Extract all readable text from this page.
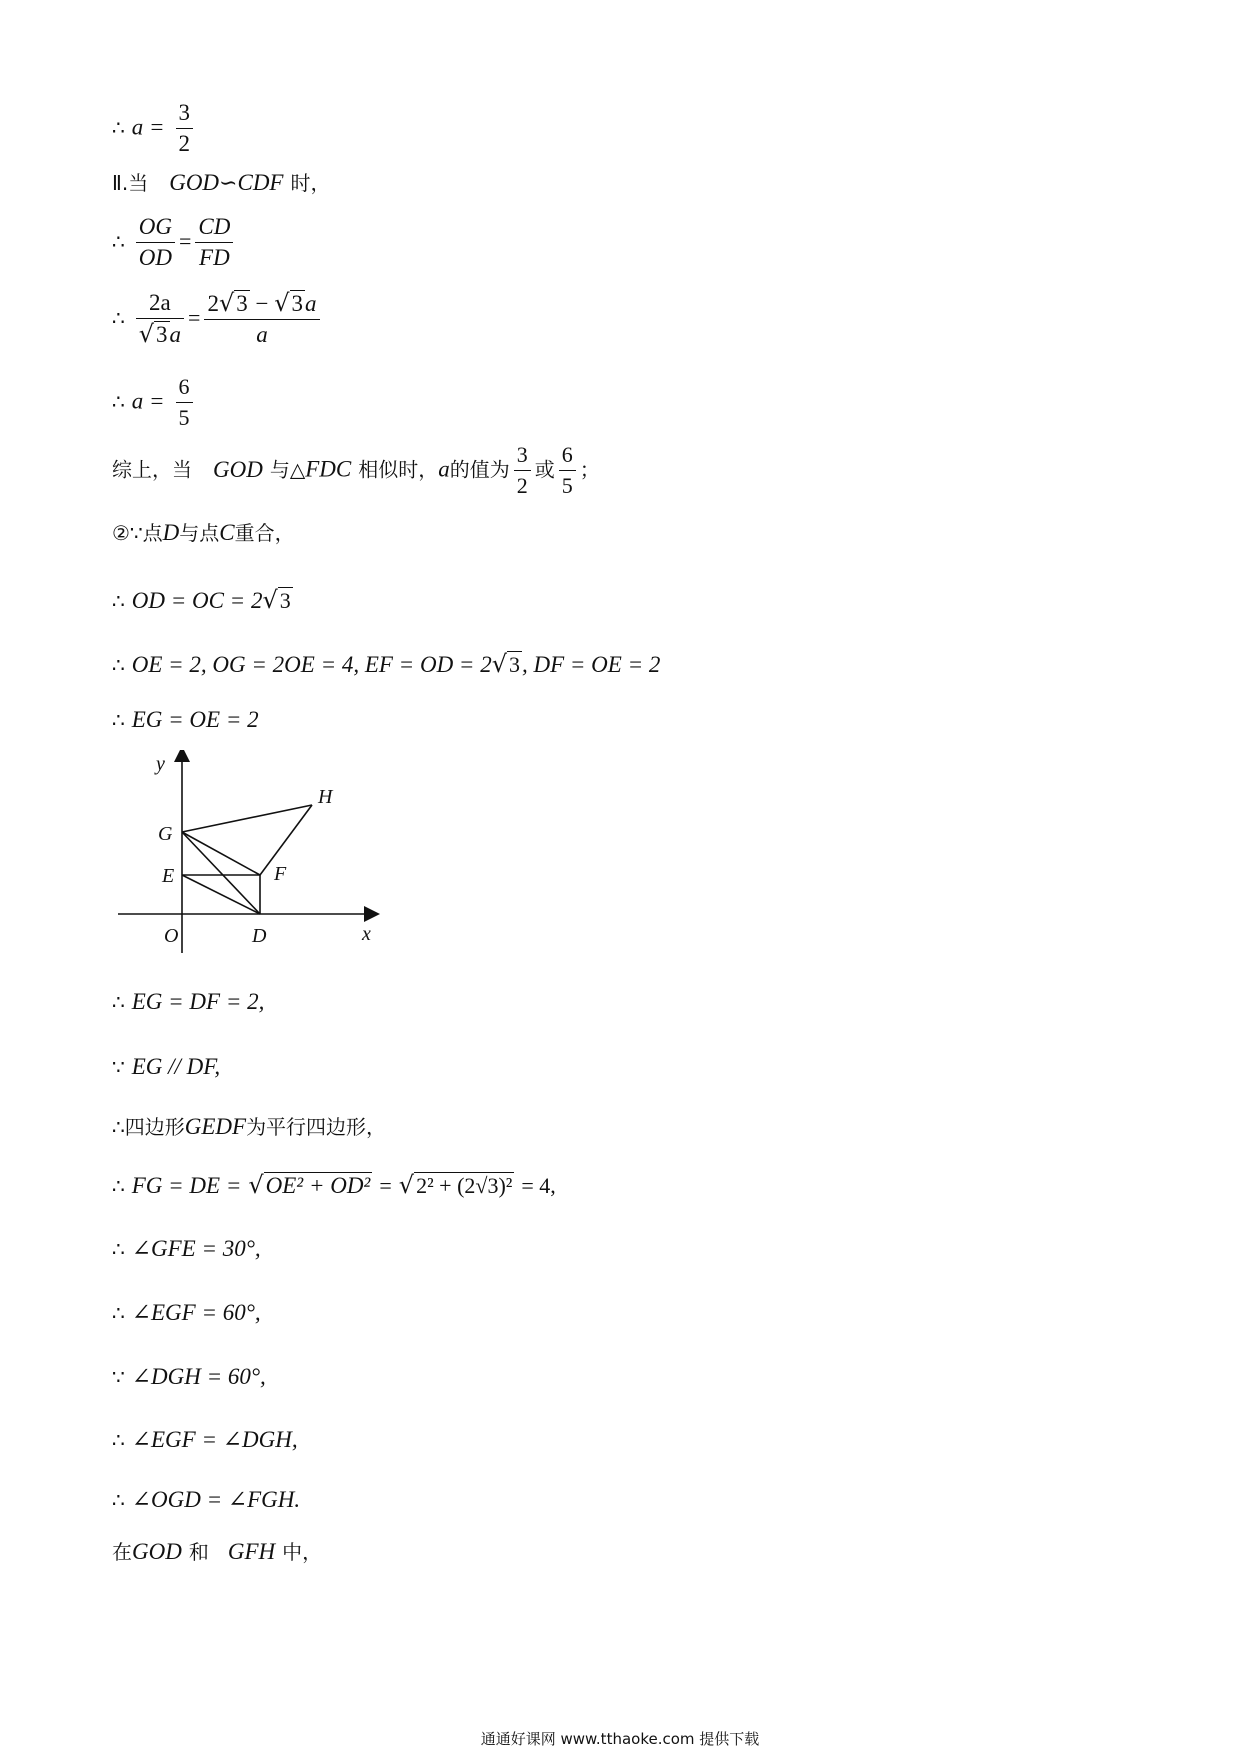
∴ $a = \frac{3}{2}$
Ⅱ.当 GOD∽CDF 时，
∴ $\frac{OG}{OD} = \frac{CD}{FD}$
∴ $\frac{2a}{√3a} = \frac{2√3 - √3a}{a}$
∴ $a = \frac{6}{5}$
综上，当 GOD 与△FDC 相似时，a的值为 $\frac{3}{2}$ 或 $\frac{6}{5}$ ；
②∵点D与点C重合，
∴ OD = OC = 2√3
∴ OE = 2, OG = 2OE = 4, EF = OD = 2√3, DF = OE = 2
∴ EG = OE = 2
y
x
O	D
E	F
G
H
∴ EG = DF = 2,
∵ EG // DF,
∴四边形GEDF为平行四边形，
∴ FG = DE = √OE² + OD² = √2² + (2√3)² = 4,
∴ ∠GFE = 30°,
∴ ∠EGF = 60°,
∵ ∠DGH = 60°,
∴ ∠EGF = ∠DGH,
∴ ∠OGD = ∠FGH.
在GOD 和 GFH 中，
通通好课网 www.tthaoke.com 提供下载
